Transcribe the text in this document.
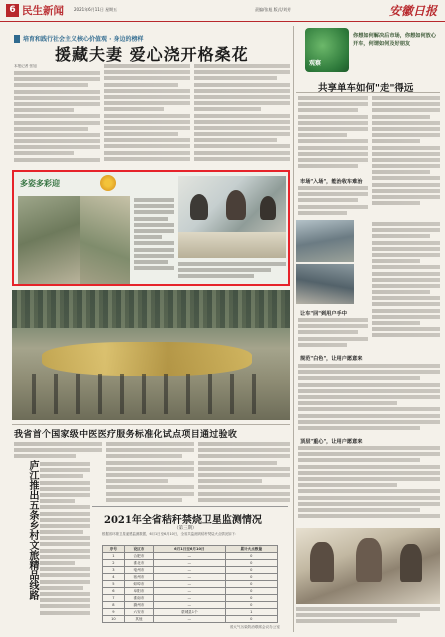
6 民生新闻	2021年6月11日 星期五	责编/张旭 版式/刘芳	安徽日报
培育和践行社会主义核心价值观 · 身边的榜样
援藏夫妻 爱心浇开格桑花
本报记者 张旭
多姿多彩迎
观察
你想如何解决后市场，你想如何放心开车，何谓如何及好朋友
共享单车如何"走"得远
市场"入场"，能治收车难治
让车"回"到用户手中
规范"白色"，让用户愿意来
顶层"重心"，让用户愿意来
我省首个国家级中医医疗服务标准化试点项目通过验收
庐江推出五条乡村文旅精品线路	2021年全省秸秆禁烧卫星监测情况
（第三期）
根据省环境卫星遥感监测数据，6月1日至6月10日，全省共监测到秸秆焚烧火点情况如下：
序号	设区市	6月1日至6月10日	累计火点数量
1	合肥市	—	0
2	淮北市	—	0
3	亳州市	—	0
4	宿州市	—	0
5	蚌埠市	—	0
6	阜阳市	—	0
7	淮南市	—	0
8	滁州市	—	0
9	六安市	蒙城县1个	1
10	其他	—	0
省大气污染防治联席会议办公室
